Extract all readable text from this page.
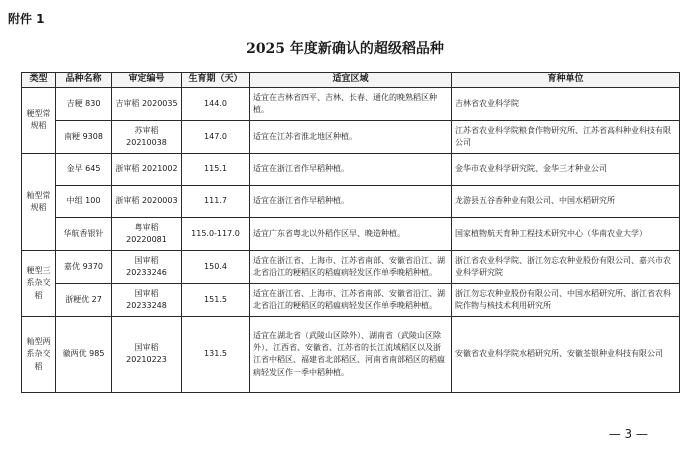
附件 1
2025 年度新确认的超级稻品种
类型	品种名称	审定编号	生育期（天）	适宜区域	育种单位
粳型常规稻	吉粳 830	吉审稻 2020035	144.0	适宜在吉林省四平、吉林、长春、通化的晚熟稻区种植。	吉林省农业科学院
	南粳 9308	苏审稻 20210038	147.0	适宜在江苏省淮北地区种植。	江苏省农业科学院粮食作物研究所、江苏省高科种业科技有限公司
籼型常规稻	金早 645	浙审稻 2021002	115.1	适宜在浙江省作早稻种植。	金华市农业科学研究院、金华三才种业公司
	中组 100	浙审稻 2020003	111.7	适宜在浙江省作早稻种植。	龙游县五谷香种业有限公司、中国水稻研究所
	华航香银针	粤审稻 20220081	115.0-117.0	适宜广东省粤北以外稻作区早、晚造种植。	国家植物航天育种工程技术研究中心（华南农业大学）
粳型三系杂交稻	嘉优 9370	国审稻 20233246	150.4	适宜在浙江省、上海市、江苏省南部、安徽省沿江、湖北省沿江的粳稻区的稻瘟病轻发区作单季晚稻种植。	浙江省农业科学院、浙江勿忘农种业股份有限公司、嘉兴市农业科学研究院
	浙粳优 27	国审稻 20233248	151.5	适宜在浙江省、上海市、江苏省南部、安徽省沿江、湖北省沿江的粳稻区的稻瘟病轻发区作单季晚稻种植。	浙江勿忘农种业股份有限公司、中国水稻研究所、浙江省农科院作物与核技术利用研究所
籼型两系杂交稻	徽两优 985	国审稻 20210223	131.5	适宜在湖北省（武陵山区除外）、湖南省（武陵山区除外）、江西省、安徽省、江苏省的长江流域稻区以及浙江省中稻区、福建省北部稻区、河南省南部稻区的稻瘟病轻发区作一季中稻种植。	安徽省农业科学院水稻研究所、安徽荃银种业科技有限公司
— 3 —
